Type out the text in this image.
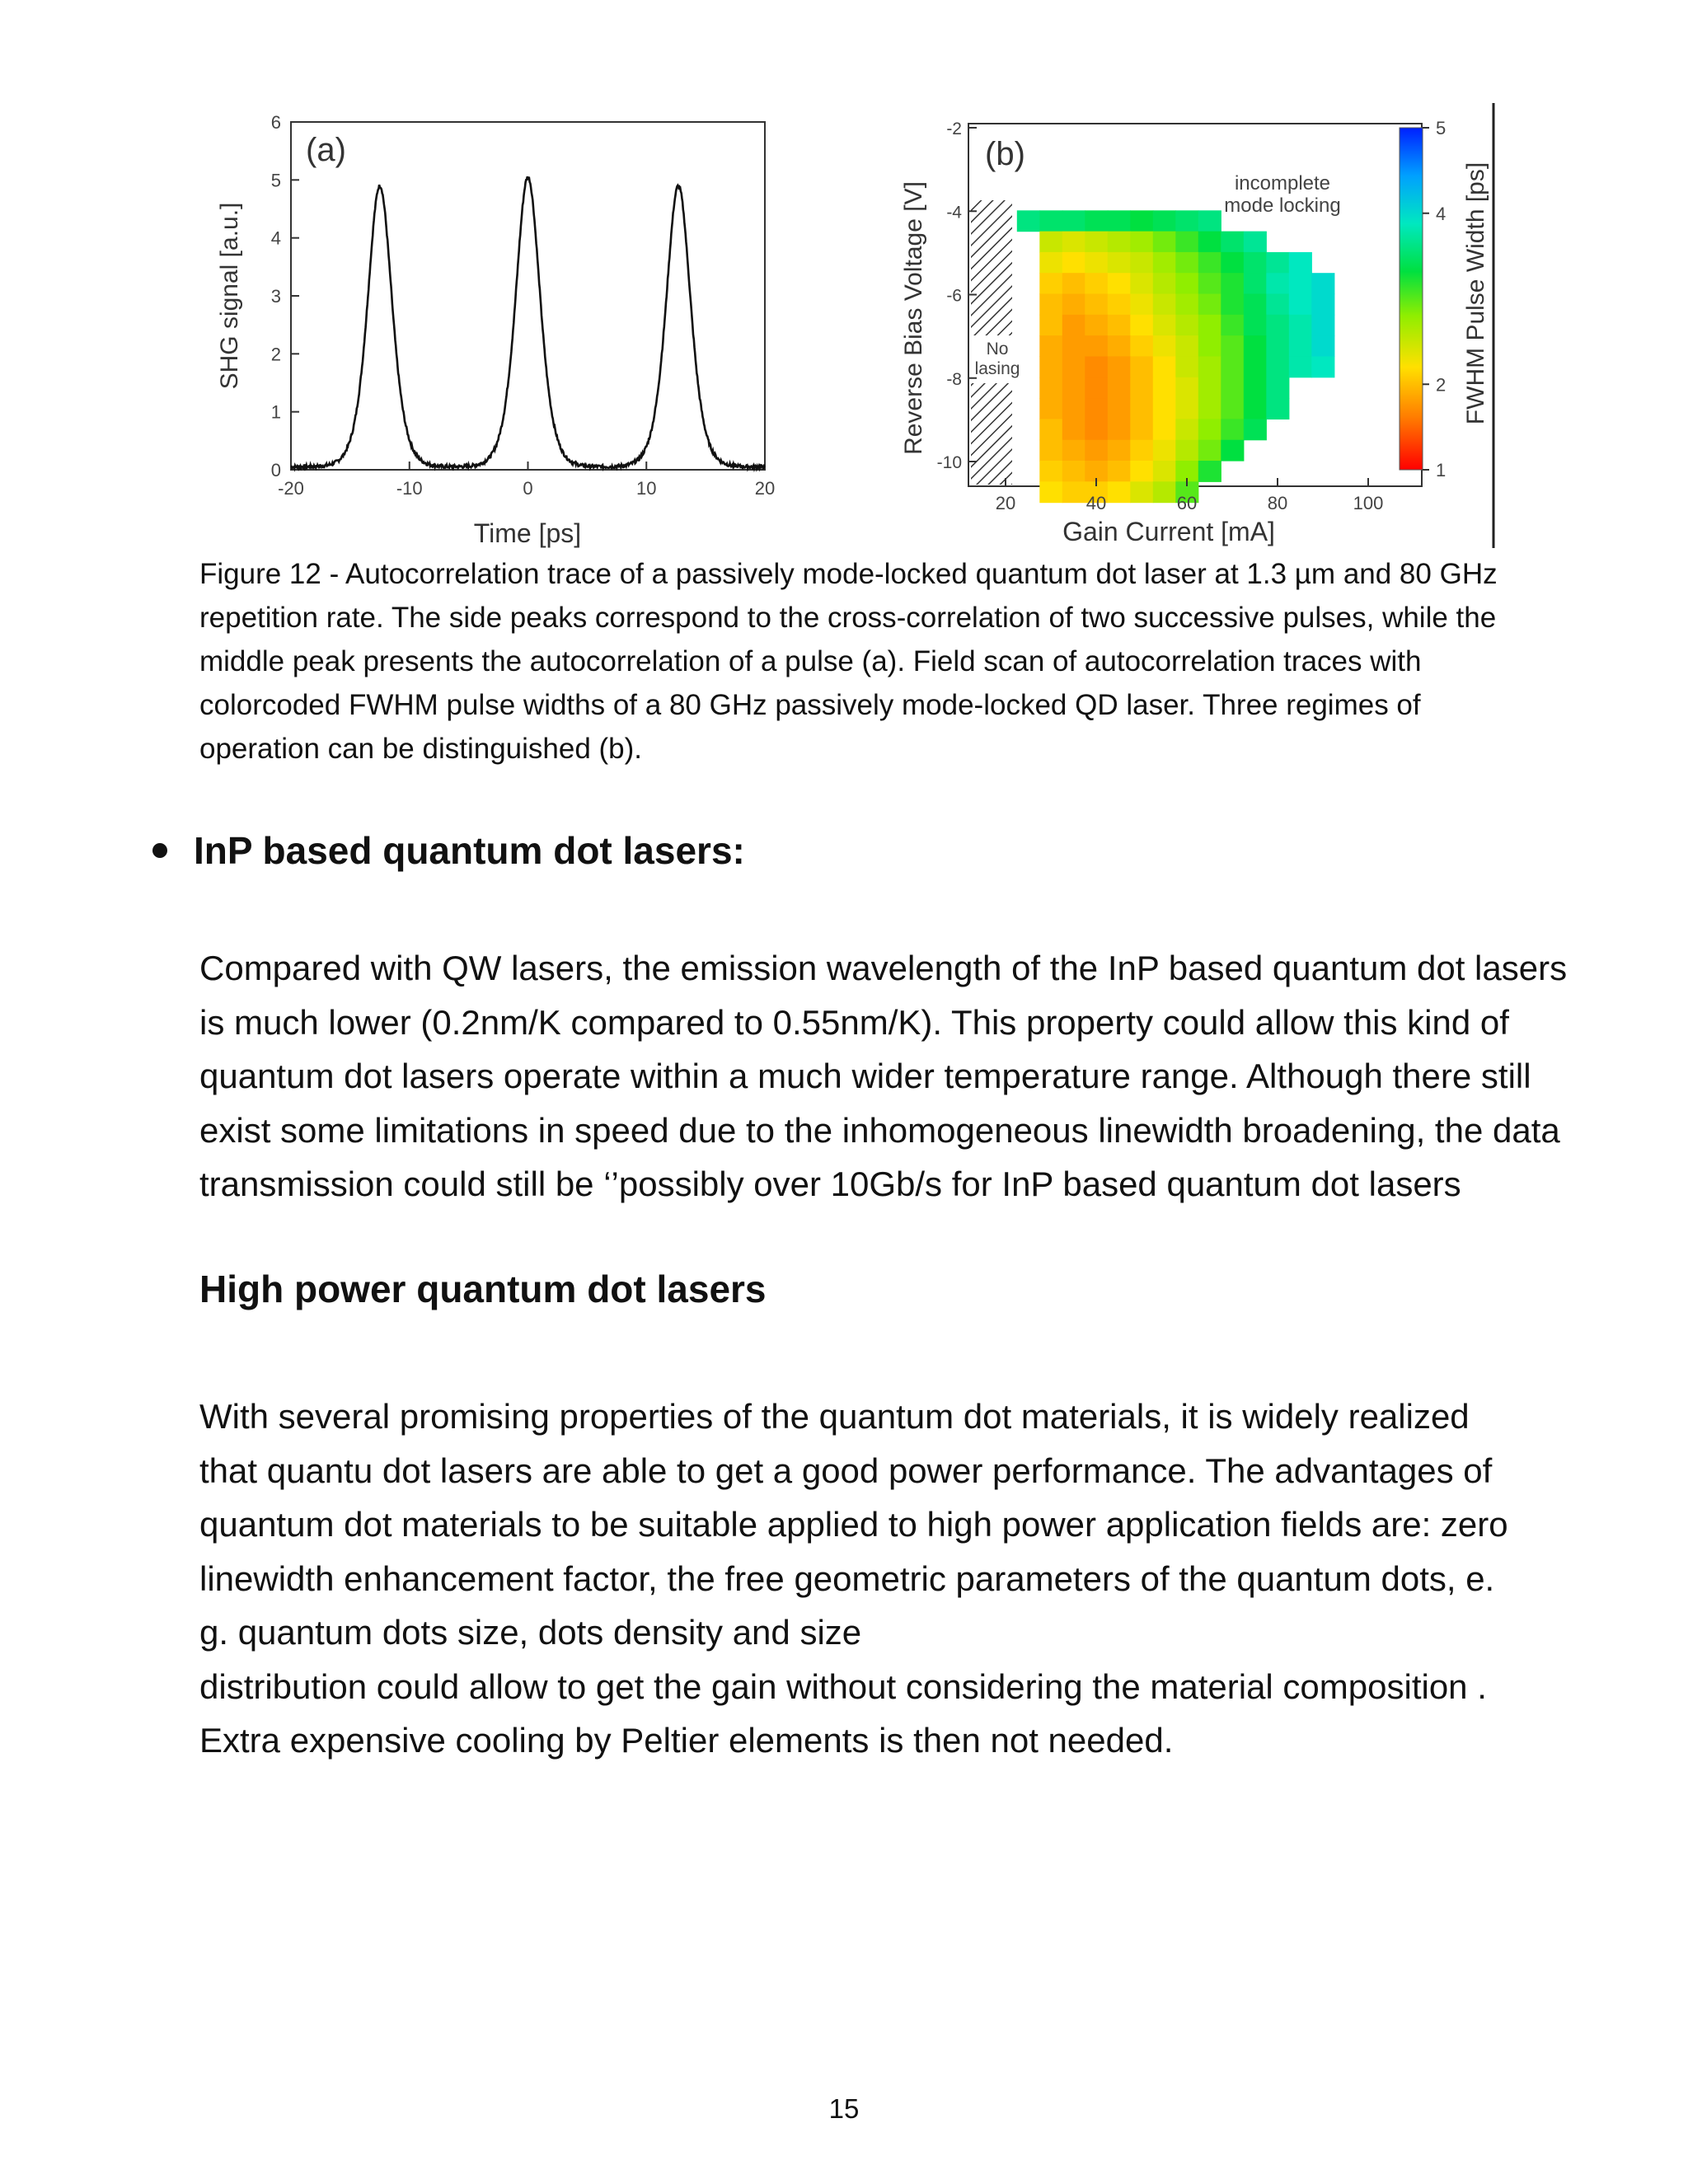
0
1
2
3
4
5
6
-20	-10	0	10	20
(a)
Time [ps]
SHG signal [a.u.]	No lasing
incomplete mode locking
-2
-4
-6
-8
-10
20	40	60	80	100
(b)
Gain Current [mA]
Reverse Bias Voltage [V]
1
2
4
5
FWHM Pulse Width [ps]

Figure 12 - Autocorrelation trace of a passively mode-locked quantum dot laser at 1.3 µm and 80 GHz

repetition rate. The side peaks correspond to the cross-correlation of two successive pulses, while the

middle peak presents the autocorrelation of a pulse (a). Field scan of autocorrelation traces with

colorcoded FWHM pulse widths of a 80 GHz passively mode-locked QD laser. Three regimes of

operation can be distinguished (b).

InP based quantum dot lasers:
Compared with QW lasers, the emission wavelength of the InP based quantum dot lasers
is much lower (0.2nm/K compared to 0.55nm/K). This property could allow this kind of
quantum dot lasers operate within a much wider temperature range. Although there still
exist some limitations in speed due to the inhomogeneous linewidth broadening, the data
transmission could still be ‘’possibly over 10Gb/s for InP based quantum dot lasers
High power quantum dot lasers
With several promising properties of the quantum dot materials, it is widely realized
that quantu dot lasers are able to get a good power performance. The advantages of
quantum dot materials to be suitable applied to high power application fields are: zero
linewidth enhancement factor, the free geometric parameters of the quantum dots, e.
g. quantum dots size, dots density and size
distribution could allow to get the gain without considering the material composition .
Extra expensive cooling by Peltier elements is then not needed.
15
